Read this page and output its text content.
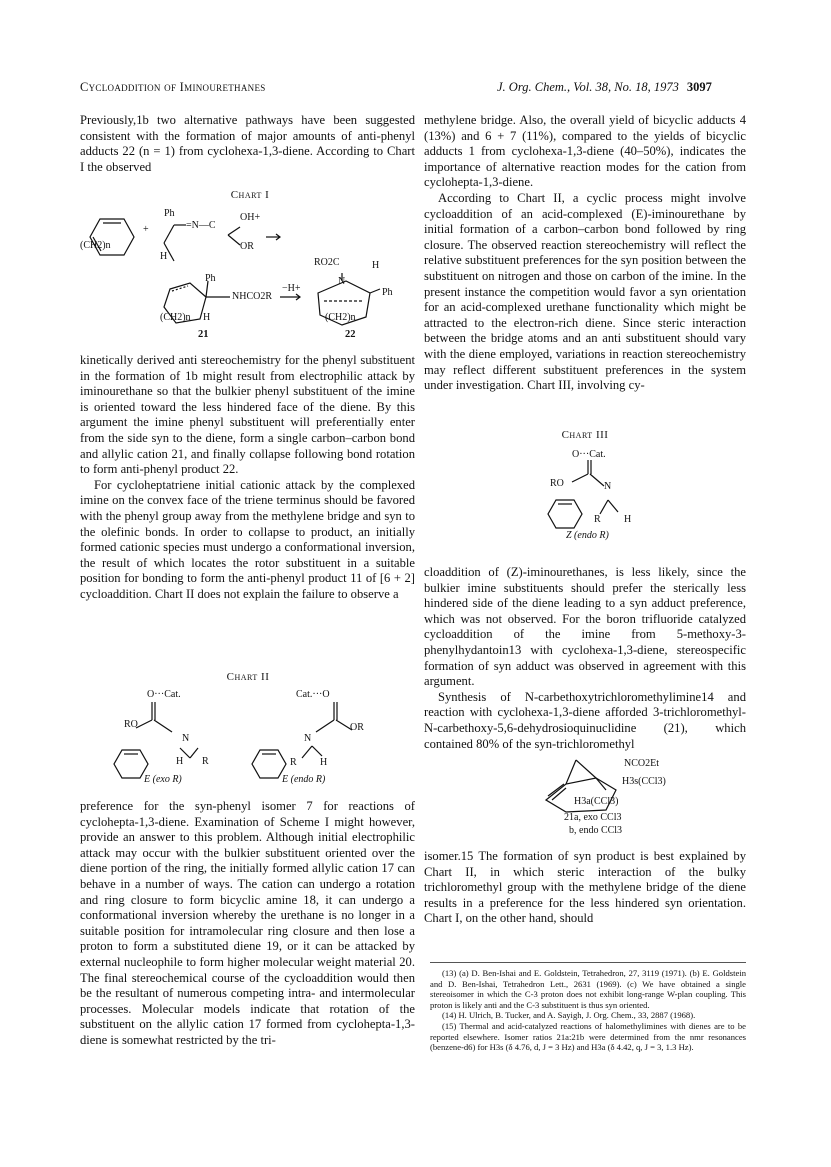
Cycloaddition of Iminourethanes	J. Org. Chem., Vol. 38, No. 18, 1973 3097

Previously,1b two alternative pathways have been suggested consistent with the formation of major amounts of anti-phenyl adducts 22 (n = 1) from cyclohexa-1,3-diene. According to Chart I the observed

Chart I
Ph
H
(CH2)n
+	=N—C
OH+
OR
Ph
NHCO2R
−H+
(CH2)n H
21
RO2C	H
N
Ph
(CH2)n
22

kinetically derived anti stereochemistry for the phenyl substituent in the formation of 1b might result from electrophilic attack by iminourethane so that the bulkier phenyl substituent of the imine is oriented toward the less hindered face of the diene. By this argument the imine phenyl substituent will preferentially enter from the side syn to the diene, form a single carbon–carbon bond and allylic cation 21, and finally collapse following bond rotation to form anti-phenyl product 22.

For cycloheptatriene initial cationic attack by the complexed imine on the convex face of the triene terminus should be favored with the phenyl group away from the methylene bridge and syn to the olefinic bonds. In order to collapse to product, an initially formed cationic species must undergo a conformational inversion, the result of which locates the rotor substituent in a suitable position for bonding to form the anti-phenyl product 11 of [6 + 2] cycloaddition. Chart II does not explain the failure to observe a

Chart II
O···Cat.
RO
N
H R
E (exo R)
Cat.···O
OR
N
R H
E (endo R)

preference for the syn-phenyl isomer 7 for reactions of cyclohepta-1,3-diene. Examination of Scheme I might however, provide an answer to this problem. Although initial electrophilic attack may occur with the bulkier substituent oriented over the diene portion of the ring, the initially formed allylic cation 17 can behave in a number of ways. The cation can undergo a rotation and ring closure to form bicyclic amine 18, it can undergo a conformational inversion whereby the urethane is no longer in a suitable position for intramolecular ring closure and then lose a proton to form a substituted diene 19, or it can be attacked by external nucleophile to form higher molecular weight material 20. The final stereochemical course of the cycloaddition would then be the resultant of numerous competing intra- and intermolecular processes. Molecular models indicate that rotation of the substituent on the allylic cation 17 formed from cyclohepta-1,3-diene is somewhat restricted by the tri-

methylene bridge. Also, the overall yield of bicyclic adducts 4 (13%) and 6 + 7 (11%), compared to the yields of bicyclic adducts 1 from cyclohexa-1,3-diene (40–50%), indicates the importance of alternative reaction modes for the cation from cyclohepta-1,3-diene.

According to Chart II, a cyclic process might involve cycloaddition of an acid-complexed (E)-iminourethane by initial formation of a carbon–carbon bond followed by ring closure. The observed reaction stereochemistry will reflect the relative substituent preferences for the syn position between the substituent on nitrogen and those on carbon of the imine. In the present instance the competition would favor a syn orientation for an acid-complexed urethane functionality which might be attracted to the electron-rich diene. Since steric interaction between the bridge atoms and an anti substituent should vary with the diene employed, variations in reaction stereochemistry may reflect different substituent preferences in the system under investigation. Chart III, involving cy-

Chart III
O···Cat.
RO	N
R H
Z (endo R)

cloaddition of (Z)-iminourethanes, is less likely, since the bulkier imine substituents should prefer the sterically less hindered side of the diene leading to a syn adduct preference, which was not observed. For the boron trifluoride catalyzed cycloaddition of the imine from 5-methoxy-3-phenylhydantoin13 with cyclohexa-1,3-diene, stereospecific formation of syn adduct was observed in agreement with this argument.

Synthesis of N-carbethoxytrichloromethylimine14 and reaction with cyclohexa-1,3-diene afforded 3-trichloromethyl-N-carbethoxy-5,6-dehydrosioquinuclidine (21), which contained 80% of the syn-trichloromethyl

NCO2Et
H3s(CCl3)
H3a(CCl3)
21a, exo CCl3
b, endo CCl3

isomer.15 The formation of syn product is best explained by Chart II, in which steric interaction of the bulky trichloromethyl group with the methylene bridge of the diene results in a preference for the less hindered syn orientation. Chart I, on the other hand, should

(13) (a) D. Ben-Ishai and E. Goldstein, Tetrahedron, 27, 3119 (1971). (b) E. Goldstein and D. Ben-Ishai, Tetrahedron Lett., 2631 (1969). (c) We have obtained a single stereoisomer in which the C-3 proton does not exhibit long-range W-plan coupling. This proton is likely anti and the C-3 substituent is thus syn oriented.

(14) H. Ulrich, B. Tucker, and A. Sayigh, J. Org. Chem., 33, 2887 (1968).

(15) Thermal and acid-catalyzed reactions of halomethylimines with dienes are to be reported elsewhere. Isomer ratios 21a:21b were determined from the nmr resonances (benzene-d6) for H3s (δ 4.76, d, J = 3 Hz) and H3a (δ 4.42, q, J = 3, 1.3 Hz).
